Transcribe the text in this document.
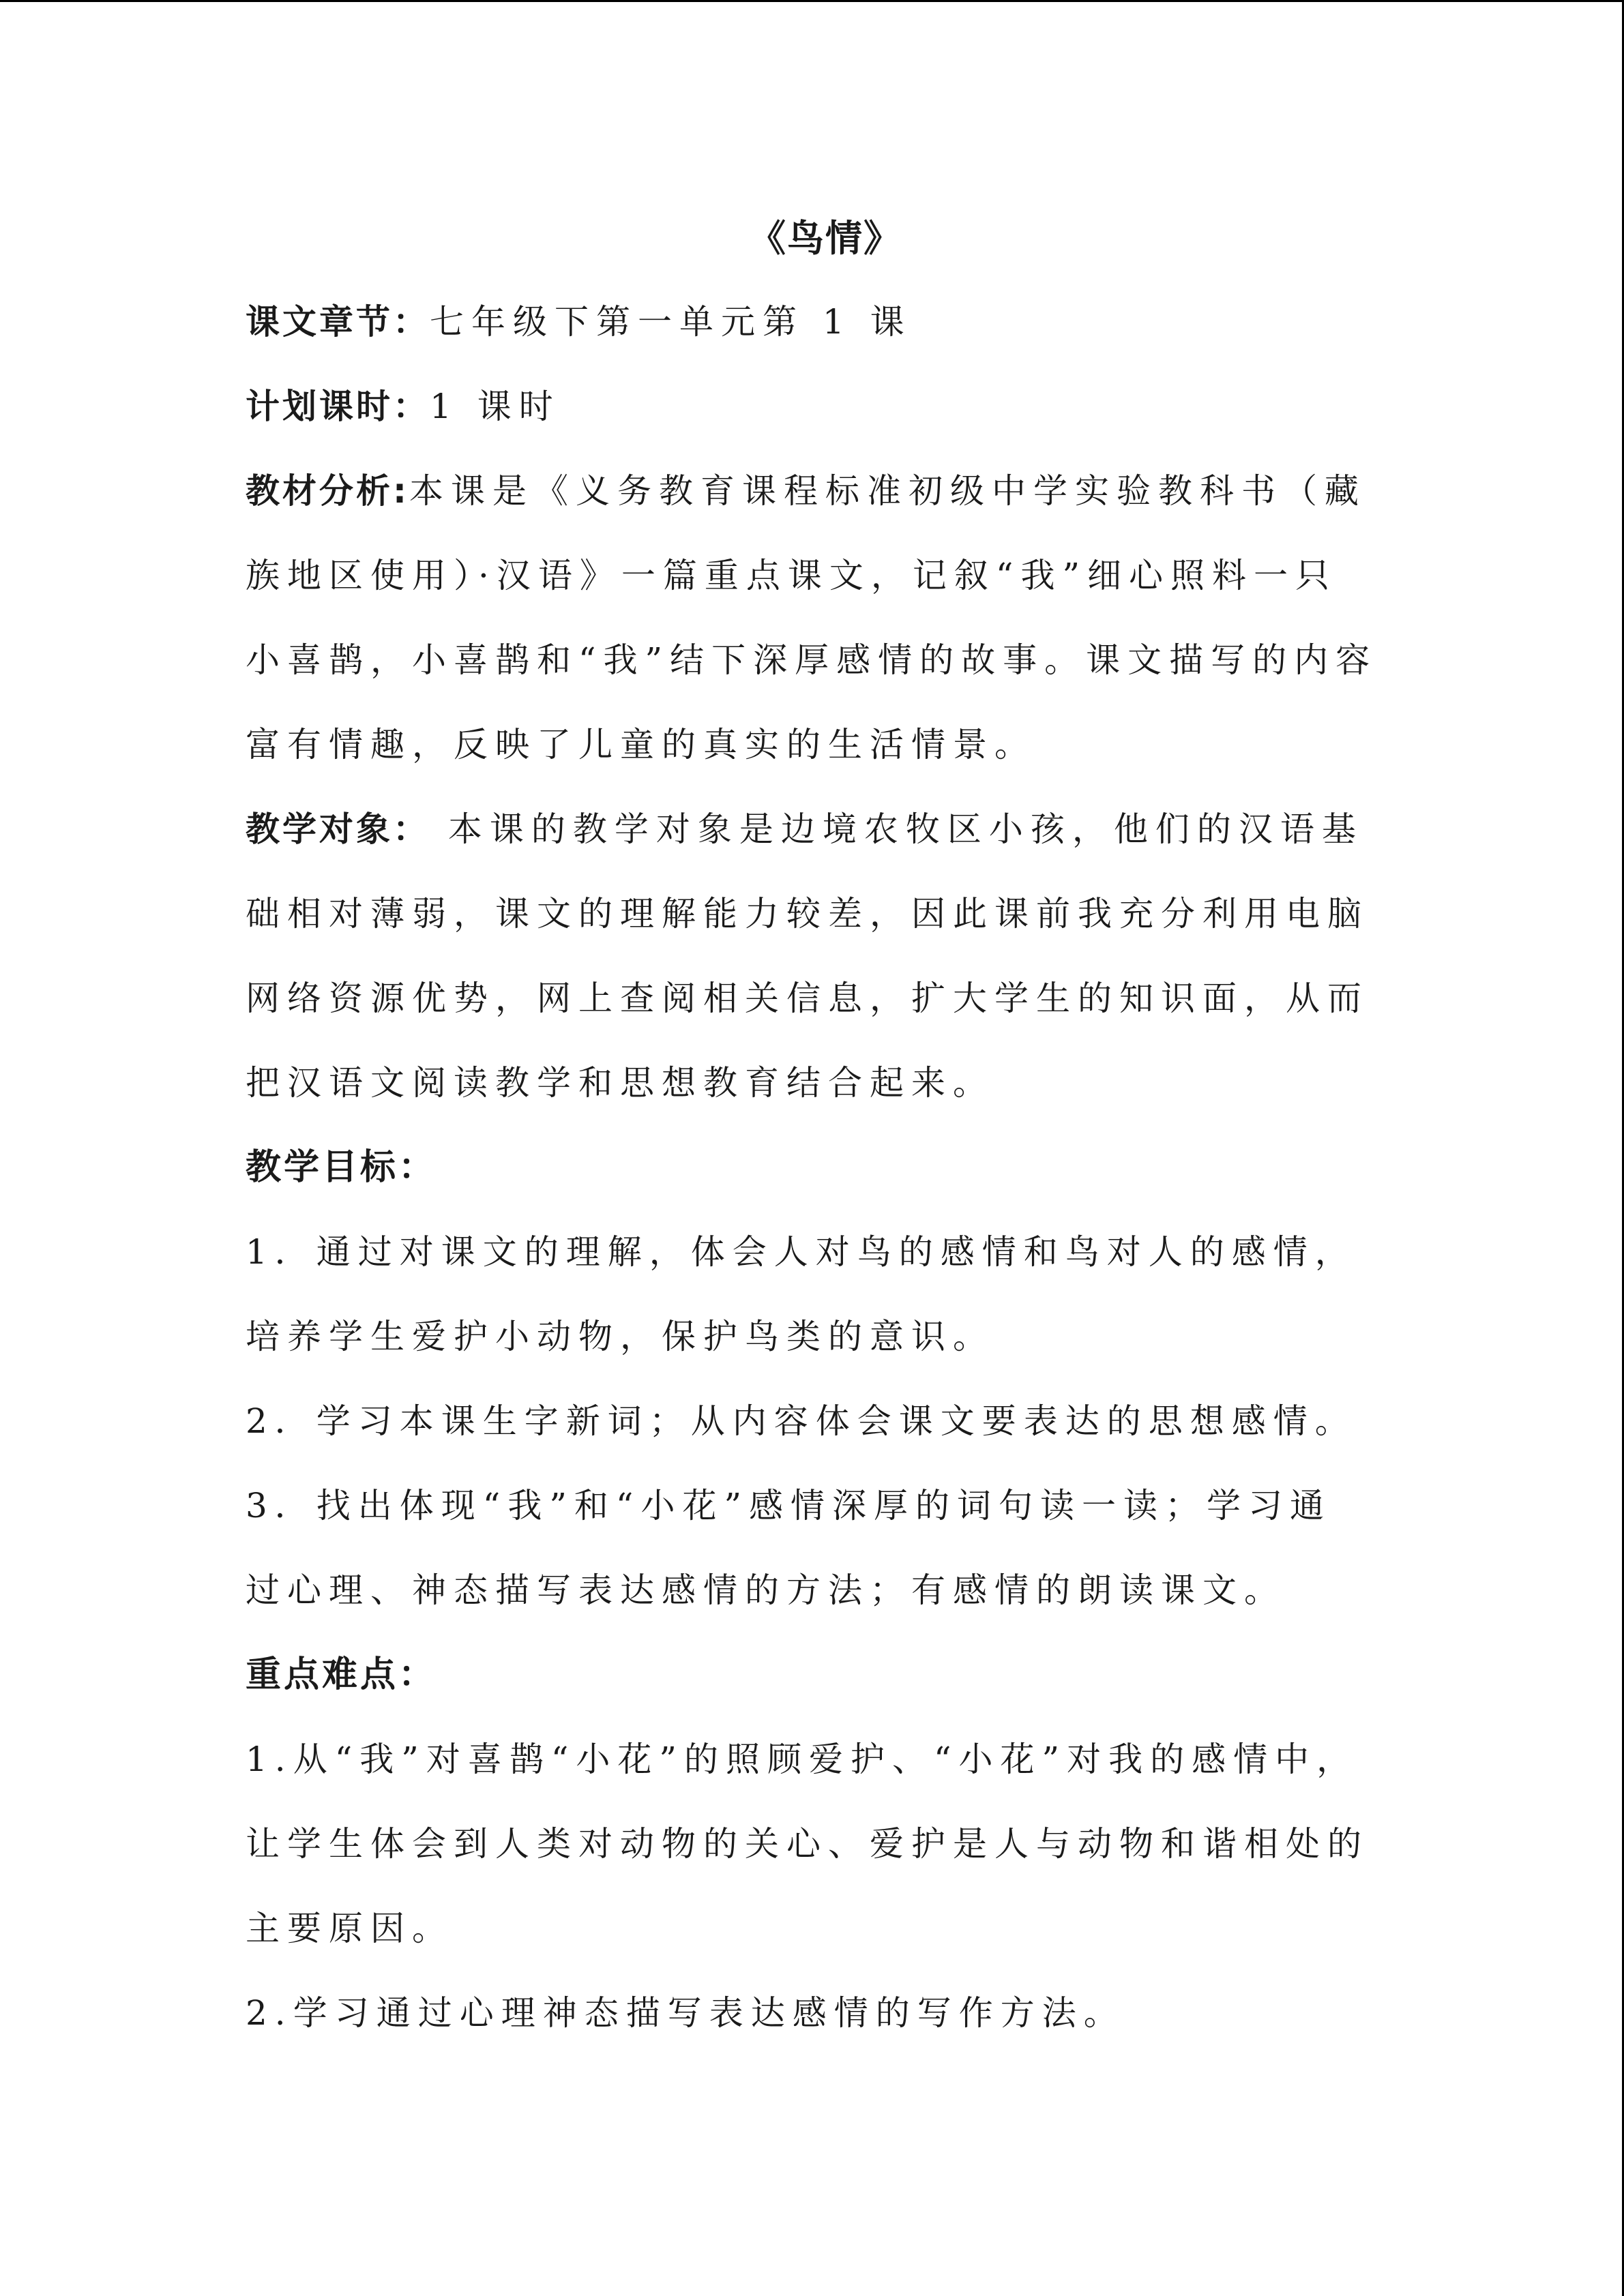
《鸟情》

课文章节：七年级下第一单元第 1 课

计划课时：1 课时

教材分析:本课是《义务教育课程标准初级中学实验教科书（藏族地区使用）·汉语》一篇重点课文，记叙“我”细心照料一只小喜鹊，小喜鹊和“我”结下深厚感情的故事。课文描写的内容富有情趣，反映了儿童的真实的生活情景。

教学对象： 本课的教学对象是边境农牧区小孩，他们的汉语基础相对薄弱，课文的理解能力较差，因此课前我充分利用电脑网络资源优势，网上查阅相关信息，扩大学生的知识面，从而把汉语文阅读教学和思想教育结合起来。

教学目标：

1．通过对课文的理解，体会人对鸟的感情和鸟对人的感情，培养学生爱护小动物，保护鸟类的意识。

2．学习本课生字新词；从内容体会课文要表达的思想感情。

3．找出体现“我”和“小花”感情深厚的词句读一读；学习通　过心理、神态描写表达感情的方法；有感情的朗读课文。

重点难点：

1.从“我”对喜鹊“小花”的照顾爱护、“小花”对我的感情中，让学生体会到人类对动物的关心、爱护是人与动物和谐相处的主要原因。

2.学习通过心理神态描写表达感情的写作方法。
